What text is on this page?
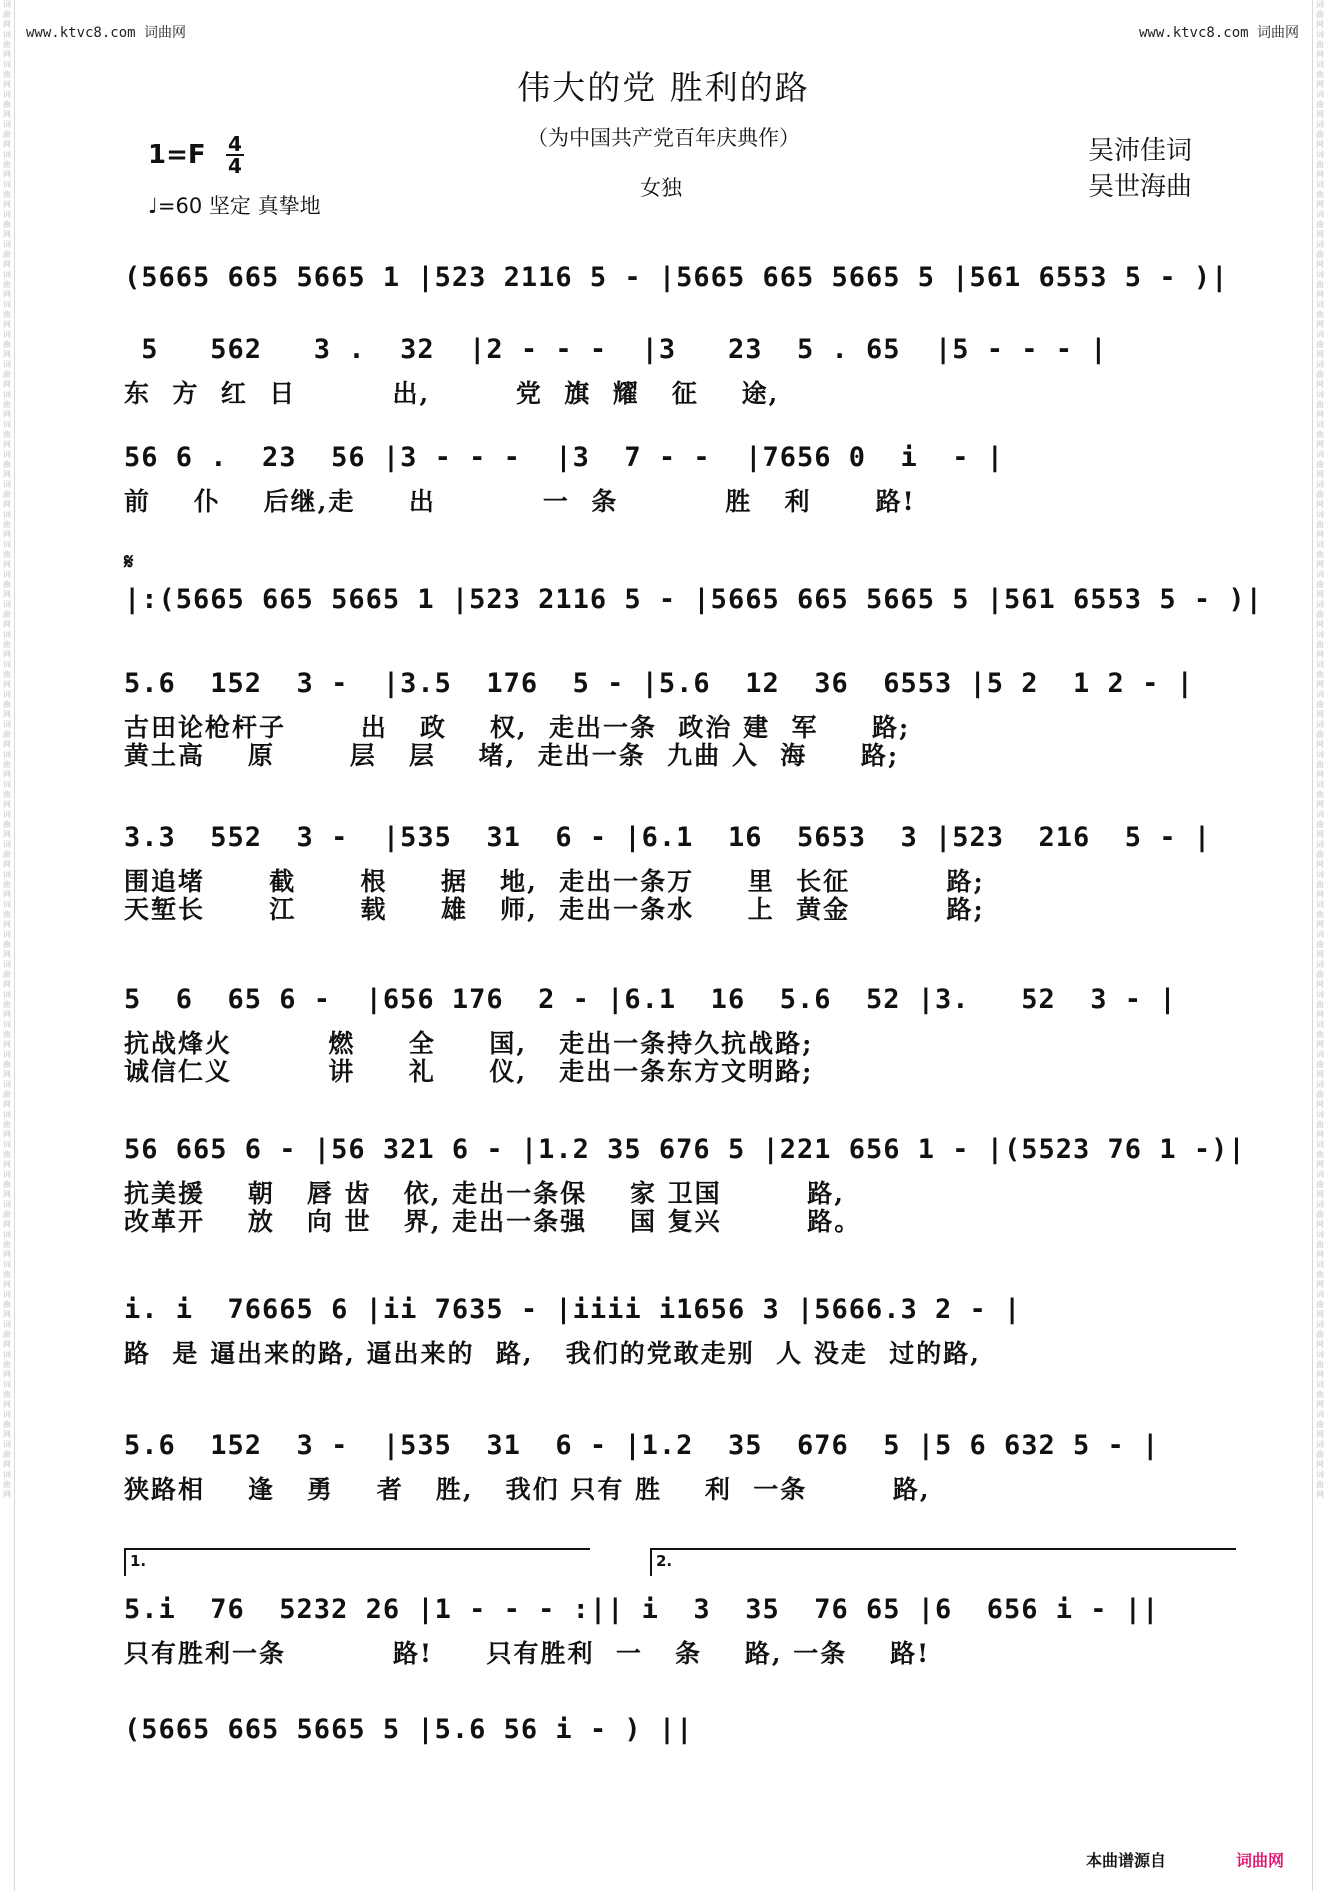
词曲网词曲网词曲网词曲网词曲网词曲网词曲网词曲网词曲网词曲网词曲网词曲网词曲网词曲网词曲网词曲网词曲网词曲网词曲网词曲网词曲网词曲网词曲网词曲网词曲网词曲网词曲网词曲网词曲网词曲网词曲网词曲网词曲网词曲网词曲网词曲网词曲网词曲网词曲网词曲网词曲网词曲网词曲网词曲网词曲网词曲网词曲网词曲网词曲网词曲网
词曲网词曲网词曲网词曲网词曲网词曲网词曲网词曲网词曲网词曲网词曲网词曲网词曲网词曲网词曲网词曲网词曲网词曲网词曲网词曲网词曲网词曲网词曲网词曲网词曲网词曲网词曲网词曲网词曲网词曲网词曲网词曲网词曲网词曲网词曲网词曲网词曲网词曲网词曲网词曲网词曲网词曲网词曲网词曲网词曲网词曲网词曲网词曲网词曲网词曲网
www.ktvc8.com 词曲网	www.ktvc8.com 词曲网
伟大的党 胜利的路
（为中国共产党百年庆典作）
女独
吴沛佳词
吴世海曲
1=F 4
4
♩=60 坚定 真挚地
𝄋
(5665 665 5665 1 |523 2116 5 - |5665 665 5665 5 |561 6553 5 - )|
5   562   3 .  32  |2 - - -  |3   23  5 . 65  |5 - - - |
东  方  红  日         出,        党  旗  耀   征    途,
56 6 .  23  56 |3 - - -  |3  7 - -  |7656 0  i  - |
前    仆    后继,走     出          一  条          胜   利      路!
|:(5665 665 5665 1 |523 2116 5 - |5665 665 5665 5 |561 6553 5 - )|
5.6  152  3 -  |3.5  176  5 - |5.6  12  36  6553 |5 2  1 2 - |
古田论枪杆子       出   政    权,  走出一条  政治 建  军     路;
黄土高    原       层   层    堵,  走出一条  九曲 入  海     路;
3.3  552  3 -  |535  31  6 - |6.1  16  5653  3 |523  216  5 - |
围追堵      截      根     据   地,  走出一条万     里  长征         路;
天堑长      江      载     雄   师,  走出一条水     上  黄金         路;
5  6  65 6 -  |656 176  2 - |6.1  16  5.6  52 |3.   52  3 - |
抗战烽火         燃     全     国,   走出一条持久抗战路;
诚信仁义         讲     礼     仪,   走出一条东方文明路;
56 665 6 - |56 321 6 - |1.2 35 676 5 |221 656 1 - |(5523 76 1 -)|
抗美援    朝   唇 齿   依, 走出一条保    家 卫国        路,
改革开    放   向 世   界, 走出一条强    国 复兴        路。
i. i  76665 6 |ii 7635 - |iiii i1656 3 |5666.3 2 - |
路  是 逼出来的路, 逼出来的  路,   我们的党敢走别  人 没走  过的路,
5.6  152  3 -  |535  31  6 - |1.2  35  676  5 |5 6 632 5 - |
狭路相    逢   勇    者   胜,   我们 只有 胜    利  一条        路,
5.i  76  5232 26 |1 - - - :|| i  3  35  76 65 |6  656 i - ||
只有胜利一条          路!     只有胜利  一   条    路, 一条    路!
(5665 665 5665 5 |5.6 56 i - ) ||
1.	2.
本曲谱源自	词曲网
